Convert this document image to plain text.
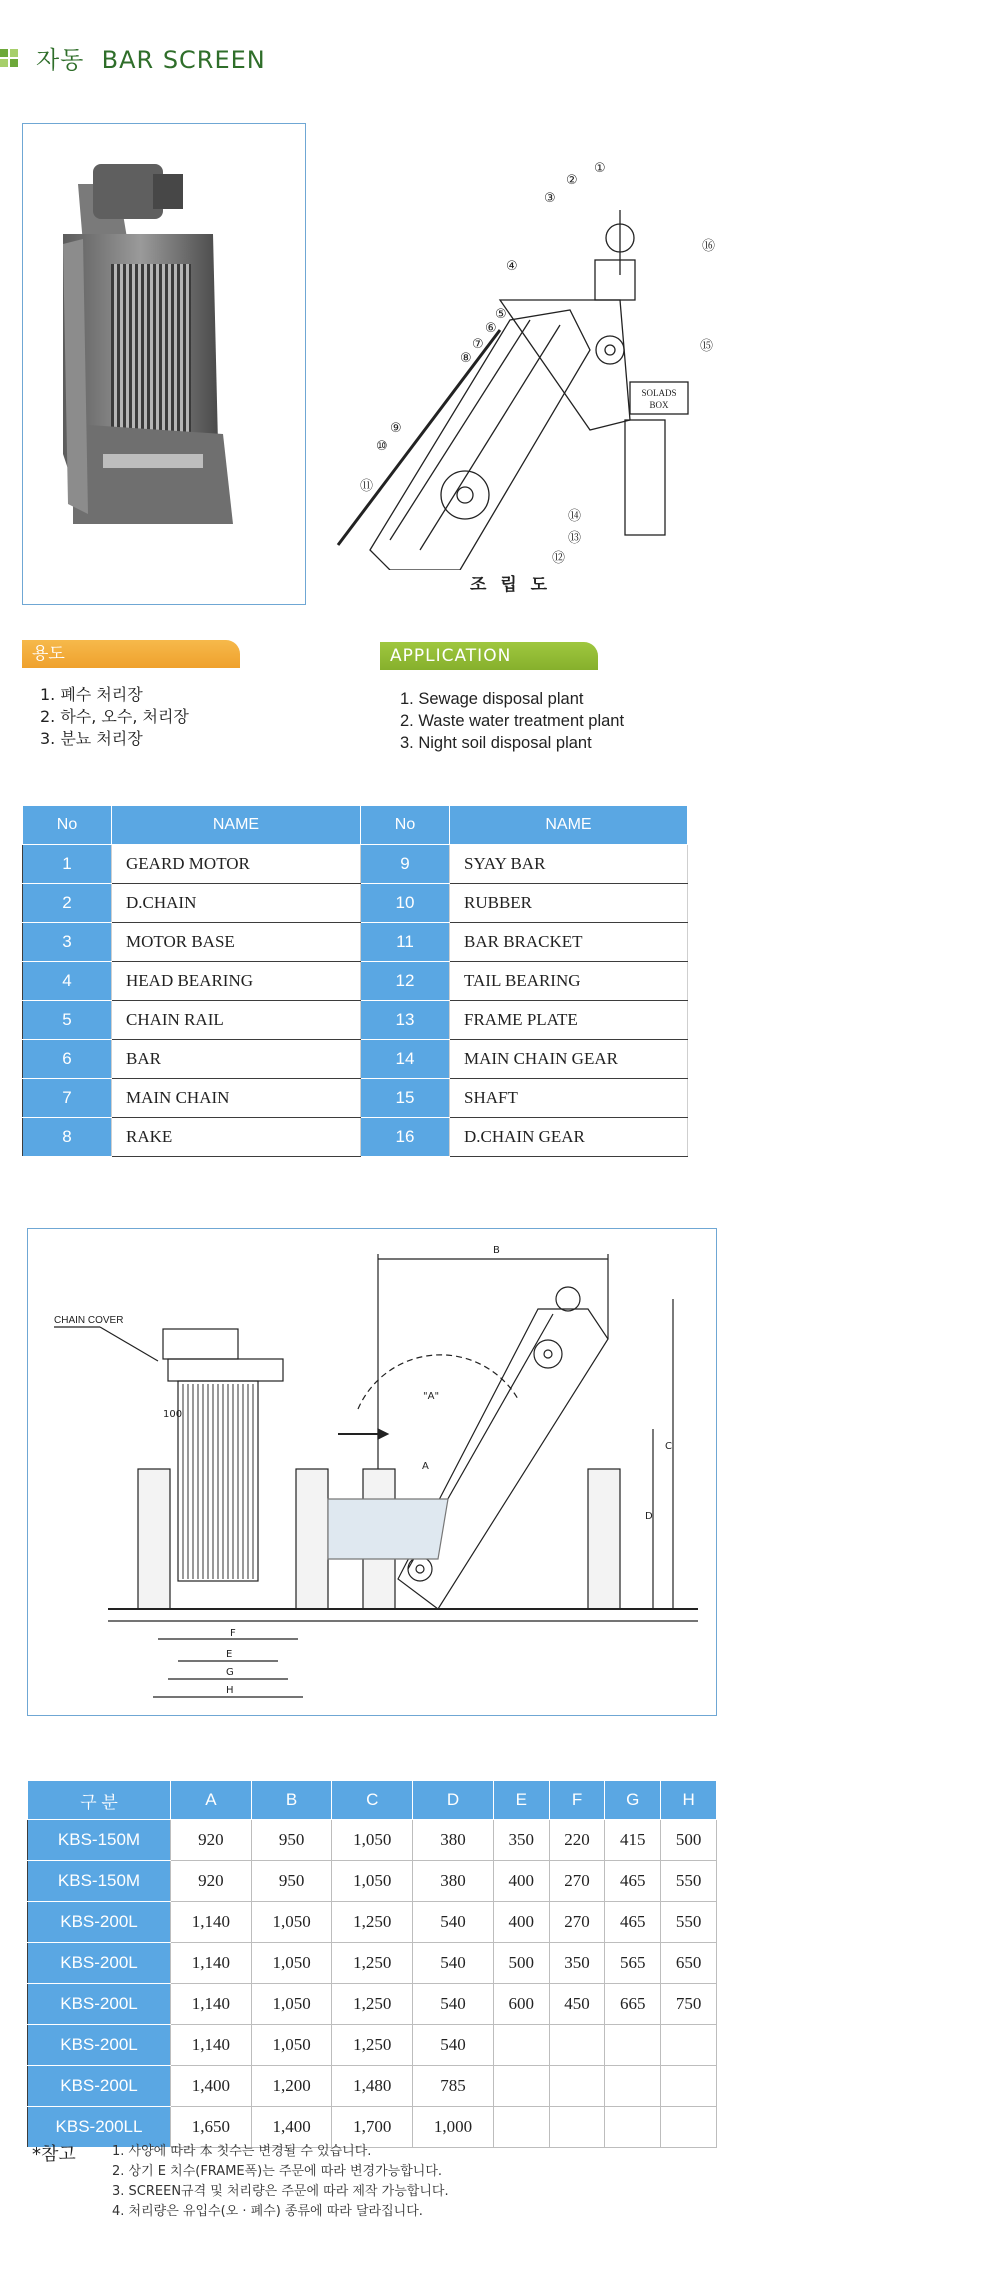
자동  BAR SCREEN
SOLADS
BOX
①
②
③
④
⑤
⑥
⑦
⑧
⑨
⑩
⑪
⑫
⑬
⑭
⑮
⑯
조 립 도
용도
1. 폐수 처리장
2. 하수, 오수, 처리장
3. 분뇨 처리장
APPLICATION
1. Sewage disposal plant
2. Waste water treatment plant
3. Night soil disposal plant
No	NAME	No	NAME
1	GEARD MOTOR	9	SYAY BAR
2	D.CHAIN	10	RUBBER
3	MOTOR BASE	11	BAR BRACKET
4	HEAD BEARING	12	TAIL BEARING
5	CHAIN RAIL	13	FRAME PLATE
6	BAR	14	MAIN CHAIN GEAR
7	MAIN CHAIN	15	SHAFT
8	RAKE	16	D.CHAIN GEAR
CHAIN COVER
100
F
E
G
H
B
C
D
"A"
A
구 분	A	B	C	D	E	F	G	H
KBS-150M	920	950	1,050	380	350	220	415	500
KBS-150M	920	950	1,050	380	400	270	465	550
KBS-200L	1,140	1,050	1,250	540	400	270	465	550
KBS-200L	1,140	1,050	1,250	540	500	350	565	650
KBS-200L	1,140	1,050	1,250	540	600	450	665	750
KBS-200L	1,140	1,050	1,250	540				
KBS-200L	1,400	1,200	1,480	785				
KBS-200LL	1,650	1,400	1,700	1,000				
*참고	1. 사양에 따라 本 칫수는 변경될 수 있습니다.
2. 상기 E 치수(FRAME폭)는 주문에 따라 변경가능합니다.
3. SCREEN규격 및 처리량은 주문에 따라 제작 가능합니다.
4. 처리량은 유입수(오 · 폐수) 종류에 따라 달라집니다.
